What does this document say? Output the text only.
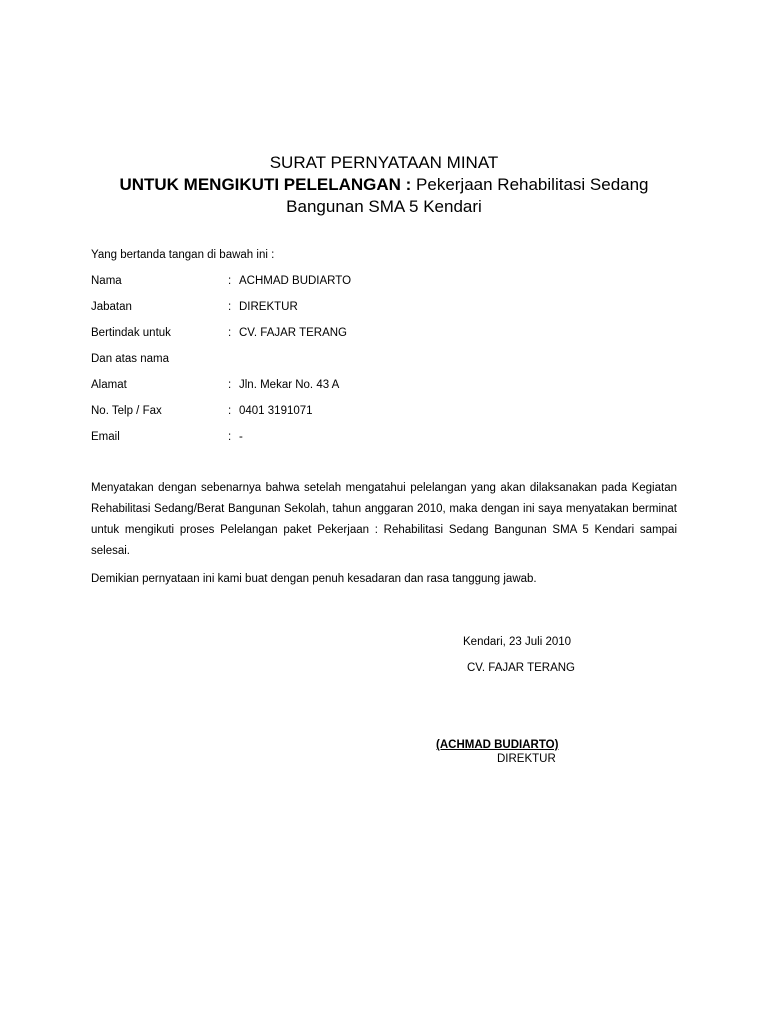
SURAT PERNYATAAN MINAT
UNTUK MENGIKUTI PELELANGAN : Pekerjaan Rehabilitasi Sedang
Bangunan SMA 5 Kendari
Yang bertanda tangan di bawah ini :
Nama	: ACHMAD BUDIARTO
Jabatan	: DIREKTUR
Bertindak untuk	: CV. FAJAR TERANG
Dan atas nama
Alamat	: Jln. Mekar No. 43 A
No. Telp / Fax	: 0401 3191071
Email	: -
Menyatakan dengan sebenarnya bahwa setelah mengatahui pelelangan yang akan dilaksanakan pada Kegiatan Rehabilitasi Sedang/Berat Bangunan Sekolah, tahun anggaran 2010, maka dengan ini saya menyatakan berminat untuk mengikuti proses Pelelangan paket Pekerjaan : Rehabilitasi Sedang Bangunan SMA 5 Kendari sampai selesai.
Demikian pernyataan ini kami buat dengan penuh kesadaran dan rasa tanggung jawab.
Kendari, 23 Juli 2010
CV. FAJAR TERANG
(ACHMAD BUDIARTO)
DIREKTUR
